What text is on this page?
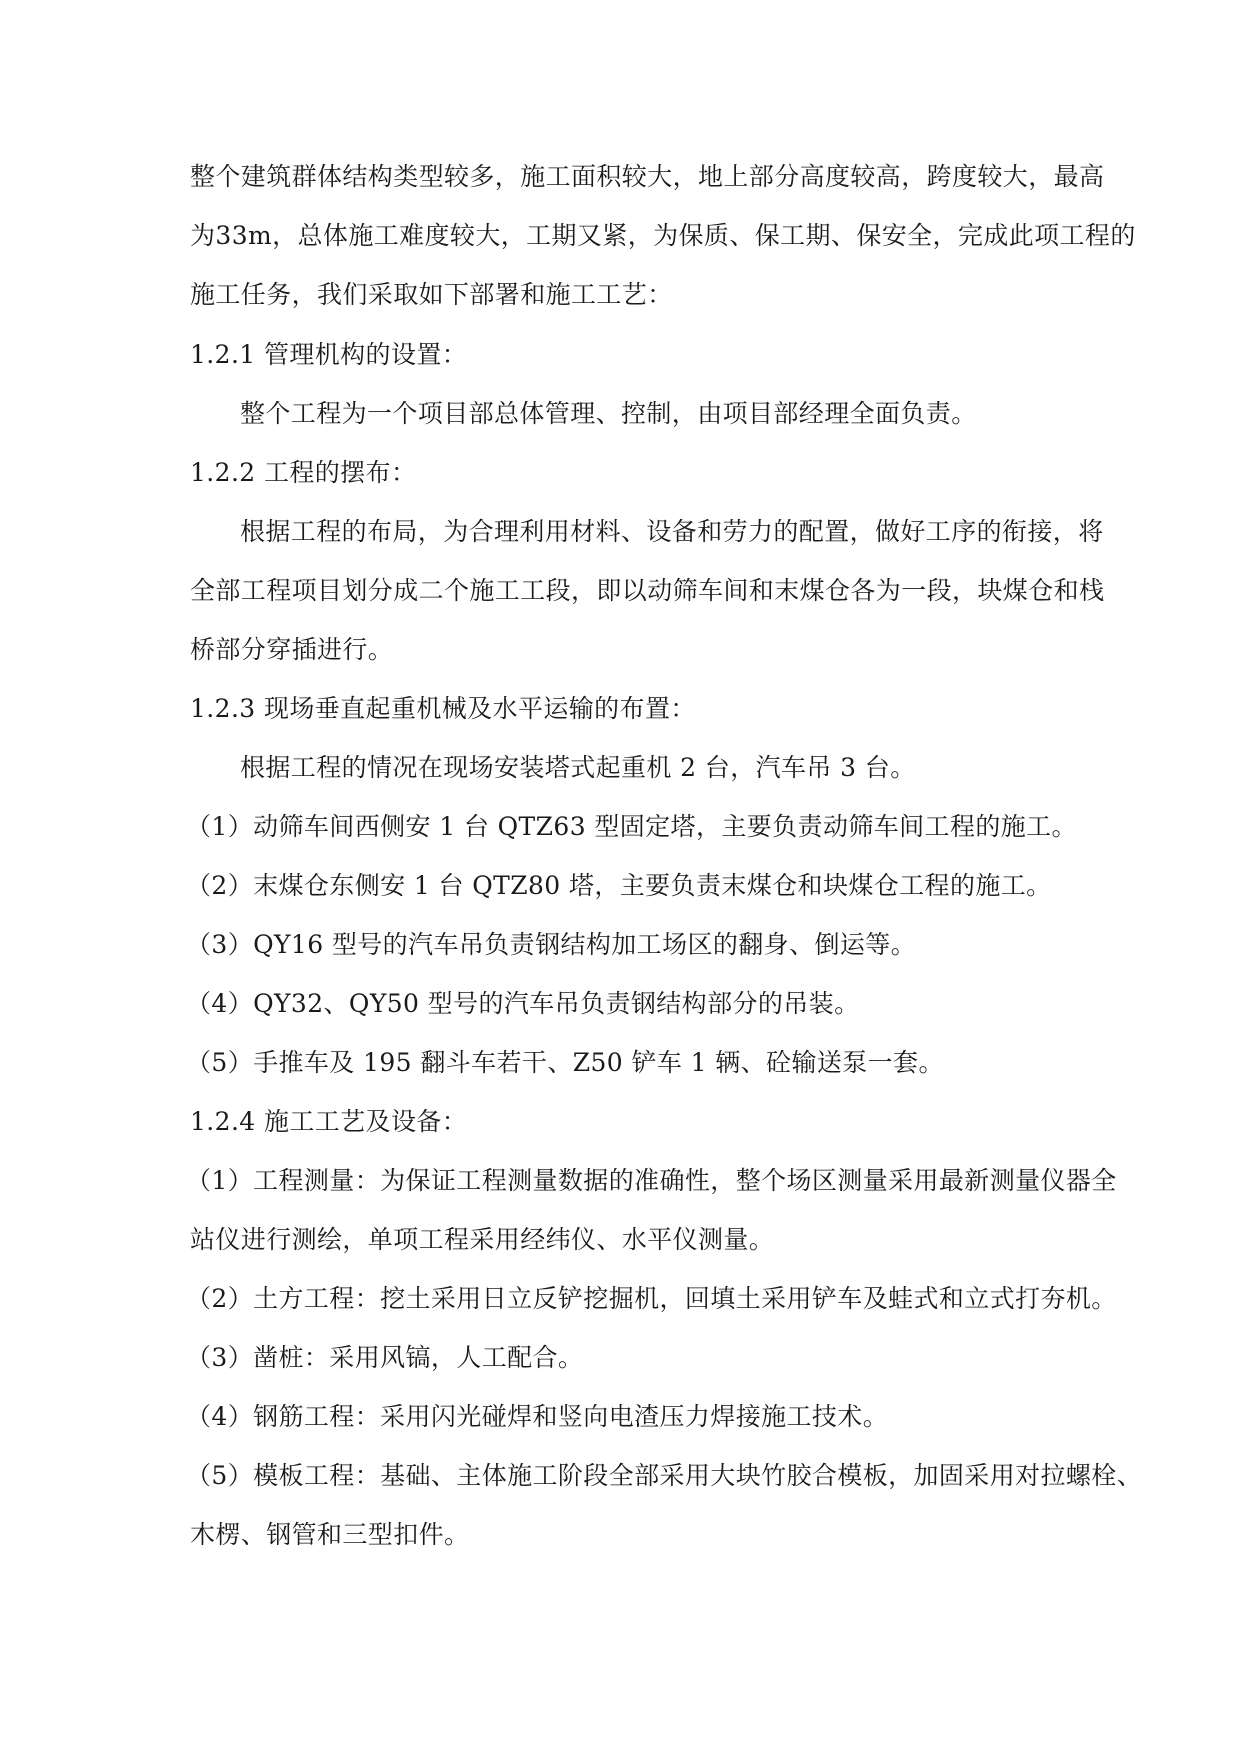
整个建筑群体结构类型较多，施工面积较大，地上部分高度较高，跨度较大，最高
为33m，总体施工难度较大，工期又紧，为保质、保工期、保安全，完成此项工程的
施工任务，我们采取如下部署和施工工艺：
1.2.1 管理机构的设置：
整个工程为一个项目部总体管理、控制，由项目部经理全面负责。
1.2.2 工程的摆布：
根据工程的布局，为合理利用材料、设备和劳力的配置，做好工序的衔接，将
全部工程项目划分成二个施工工段，即以动筛车间和末煤仓各为一段，块煤仓和栈
桥部分穿插进行。
1.2.3 现场垂直起重机械及水平运输的布置：
根据工程的情况在现场安装塔式起重机 2 台，汽车吊 3 台。
（1）动筛车间西侧安 1 台 QTZ63 型固定塔，主要负责动筛车间工程的施工。
（2）末煤仓东侧安 1 台 QTZ80 塔，主要负责末煤仓和块煤仓工程的施工。
（3）QY16 型号的汽车吊负责钢结构加工场区的翻身、倒运等。
（4）QY32、QY50 型号的汽车吊负责钢结构部分的吊装。
（5）手推车及 195 翻斗车若干、Z50 铲车 1 辆、砼输送泵一套。
1.2.4 施工工艺及设备：
（1）工程测量：为保证工程测量数据的准确性，整个场区测量采用最新测量仪器全
站仪进行测绘，单项工程采用经纬仪、水平仪测量。
（2）土方工程：挖土采用日立反铲挖掘机，回填土采用铲车及蛙式和立式打夯机。
（3）凿桩：采用风镐，人工配合。
（4）钢筋工程：采用闪光碰焊和竖向电渣压力焊接施工技术。
（5）模板工程：基础、主体施工阶段全部采用大块竹胶合模板，加固采用对拉螺栓、
木楞、钢管和三型扣件。
